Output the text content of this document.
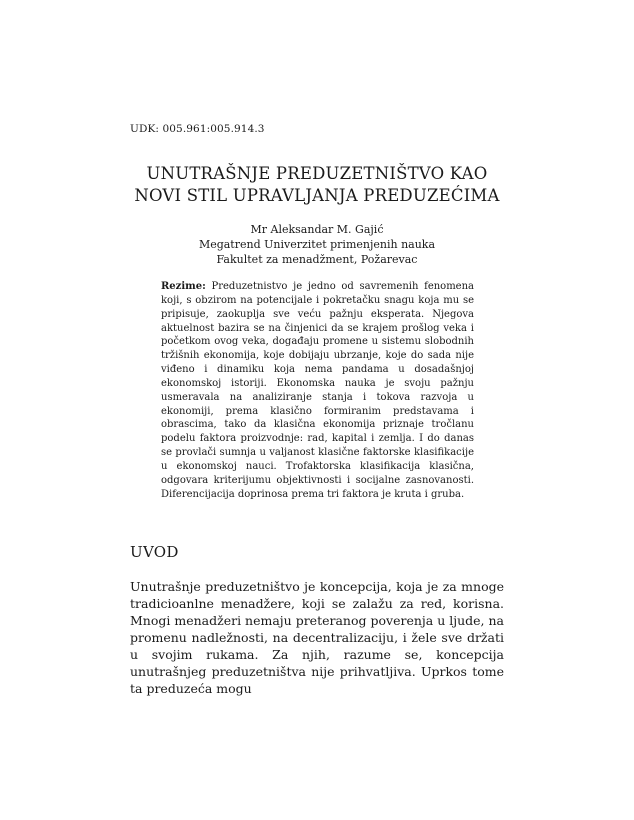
UDK: 005.961:005.914.3
UNUTRAŠNJE PREDUZETNIŠTVO KAO
NOVI STIL UPRAVLJANJA PREDUZEĆIMA
Mr Aleksandar M. Gajić
Megatrend Univerzitet primenjenih nauka
Fakultet za menadžment, Požarevac
Rezime: Preduzetnistvo je jedno od savremenih fenomena koji, s obzirom na potencijale i pokretačku snagu koja mu se pripisuje, zaokuplja sve veću pažnju eksperata. Njegova aktuelnost bazira se na činjenici da se krajem prošlog veka i početkom ovog veka, događaju promene u sistemu slobodnih tržišnih ekonomija, koje dobijaju ubrzanje, koje do sada nije viđeno i dinamiku koja nema pandama u dosadašnjoj ekonomskoj istoriji. Ekonomska nauka je svoju pažnju usmeravala na analiziranje stanja i tokova razvoja u ekonomiji, prema klasično formiranim predstavama i obrascima, tako da klasična ekonomija priznaje tročlanu podelu faktora proizvodnje: rad, kapital i zemlja. I do danas se provlači sumnja u valjanost klasične faktorske klasifikacije u ekonomskoj nauci. Trofaktorska klasifikacija klasična, odgovara kriterijumu objektivnosti i socijalne zasnovanosti. Diferencijacija doprinosa prema tri faktora je kruta i gruba.
UVOD
Unutrašnje preduzetništvo je koncepcija, koja je za mnoge tradicioanlne menadžere, koji se zalažu za red, korisna. Mnogi menadžeri nemaju preteranog poverenja u ljude, na promenu nadležnosti, na decentralizaciju, i žele sve držati u svojim rukama. Za njih, razume se, koncepcija unutrašnjeg preduzetništva nije prihvatljiva. Uprkos tome ta preduzeća mogu
